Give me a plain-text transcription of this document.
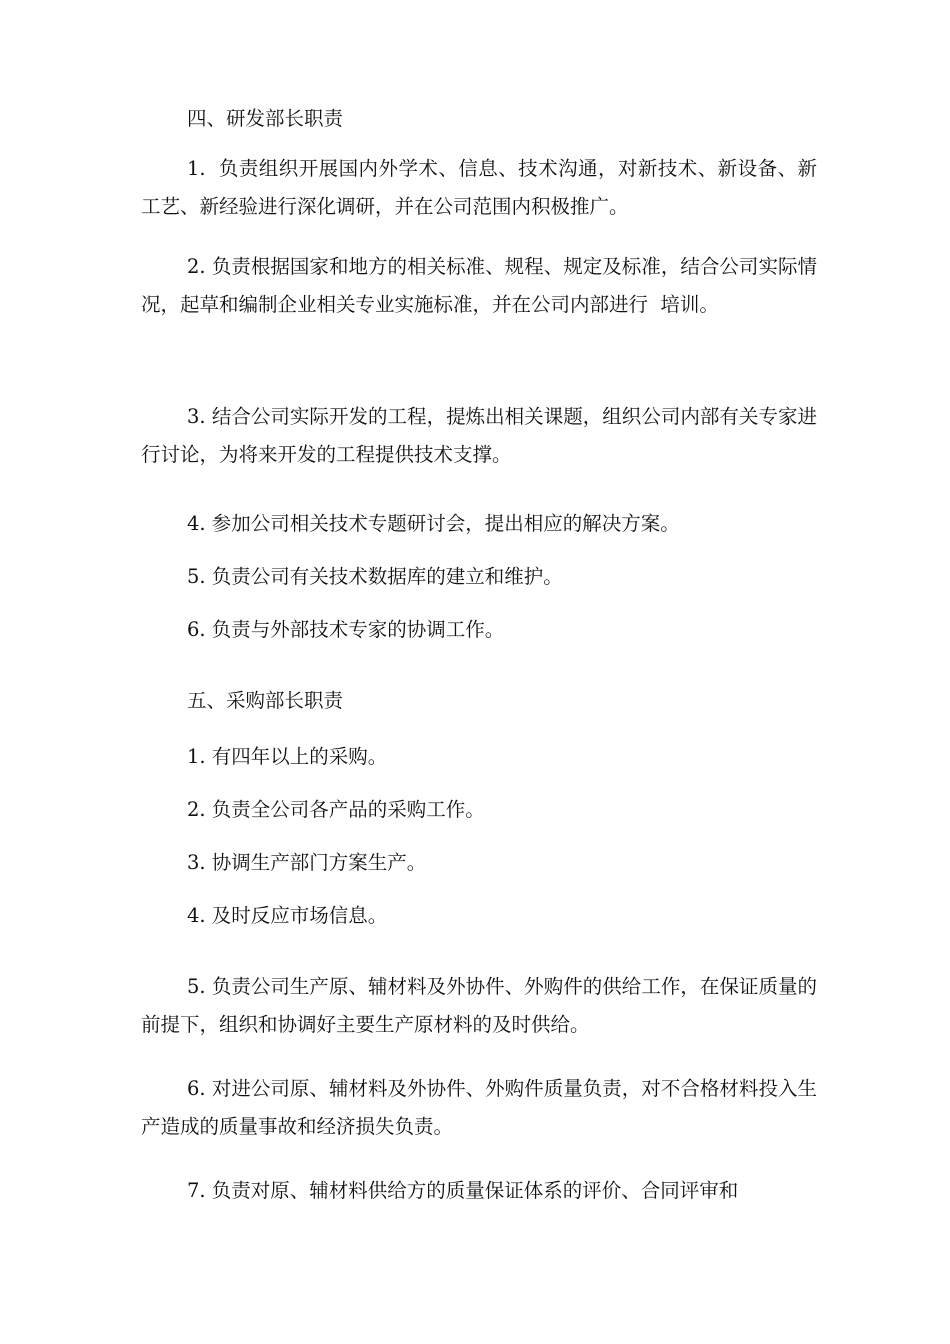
四、研发部长职责

1.  负责组织开展国内外学术、信息、技术沟通，对新技术、新设备、新工艺、新经验进行深化调研，并在公司范围内积极推广。

2. 负责根据国家和地方的相关标准、规程、规定及标准，结合公司实际情况，起草和编制企业相关专业实施标准，并在公司内部进行  培训。

3. 结合公司实际开发的工程，提炼出相关课题，组织公司内部有关专家进行讨论，为将来开发的工程提供技术支撑。

4. 参加公司相关技术专题研讨会，提出相应的解决方案。

5. 负责公司有关技术数据库的建立和维护。

6. 负责与外部技术专家的协调工作。

五、采购部长职责

1. 有四年以上的采购。

2. 负责全公司各产品的采购工作。

3. 协调生产部门方案生产。

4. 及时反应市场信息。

5. 负责公司生产原、辅材料及外协件、外购件的供给工作，在保证质量的前提下，组织和协调好主要生产原材料的及时供给。

6. 对进公司原、辅材料及外协件、外购件质量负责，对不合格材料投入生产造成的质量事故和经济损失负责。

7. 负责对原、辅材料供给方的质量保证体系的评价、合同评审和
